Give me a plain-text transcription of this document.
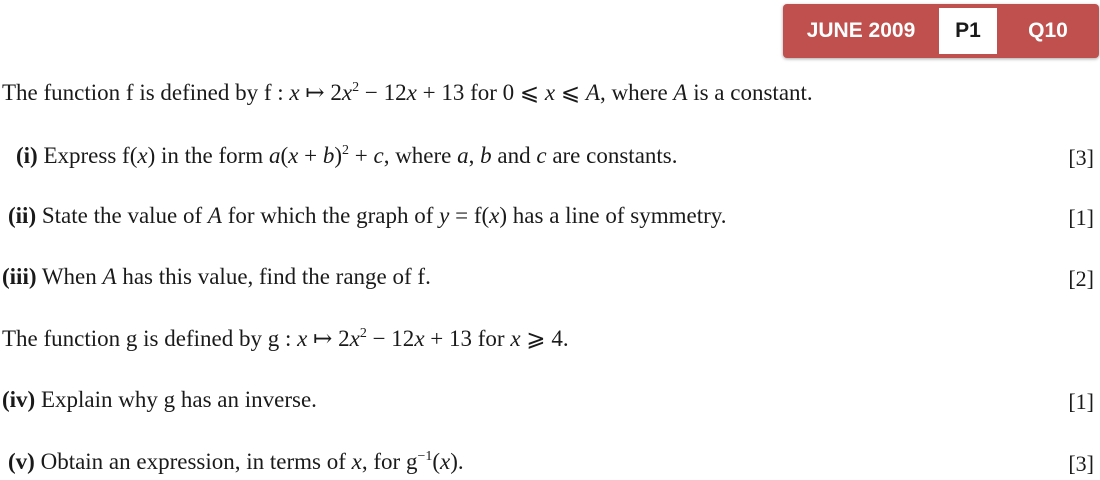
JUNE 2009	P1	Q10
The function f is defined by f : x ↦ $2x^2 - 12x + 13$ for 0 ⩽ x ⩽ A, where A is a constant.
(i) Express f(x) in the form $a(x + b)^2 + c$, where a, b and c are constants.	[3]
(ii) State the value of A for which the graph of y = f(x) has a line of symmetry.	[1]
(iii) When A has this value, find the range of f.	[2]
The function g is defined by g : x ↦ $2x^2 - 12x + 13$ for x ⩾ 4.
(iv) Explain why g has an inverse.	[1]
(v) Obtain an expression, in terms of x, for $g^{-1}(x)$.	[3]
